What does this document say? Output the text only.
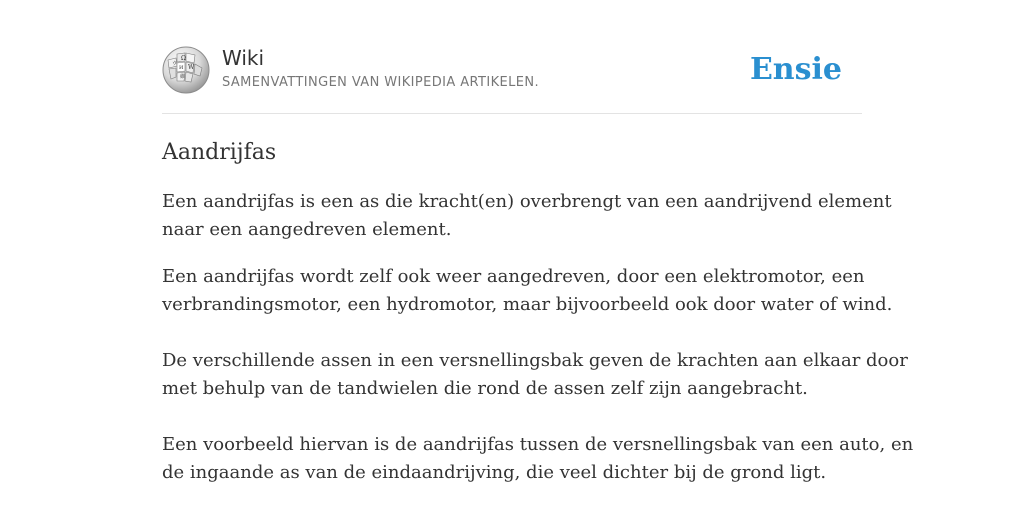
Ω
W
И
ウ
維
Wiki
SAMENVATTINGEN VAN WIKIPEDIA ARTIKELEN.	Ensie
Aandrijfas

Een aandrijfas is een as die kracht(en) overbrengt van een aandrijvend element
naar een aangedreven element.

Een aandrijfas wordt zelf ook weer aangedreven, door een elektromotor, een
verbrandingsmotor, een hydromotor, maar bijvoorbeeld ook door water of wind.

De verschillende assen in een versnellingsbak geven de krachten aan elkaar door
met behulp van de tandwielen die rond de assen zelf zijn aangebracht.

Een voorbeeld hiervan is de aandrijfas tussen de versnellingsbak van een auto, en
de ingaande as van de eindaandrijving, die veel dichter bij de grond ligt.
